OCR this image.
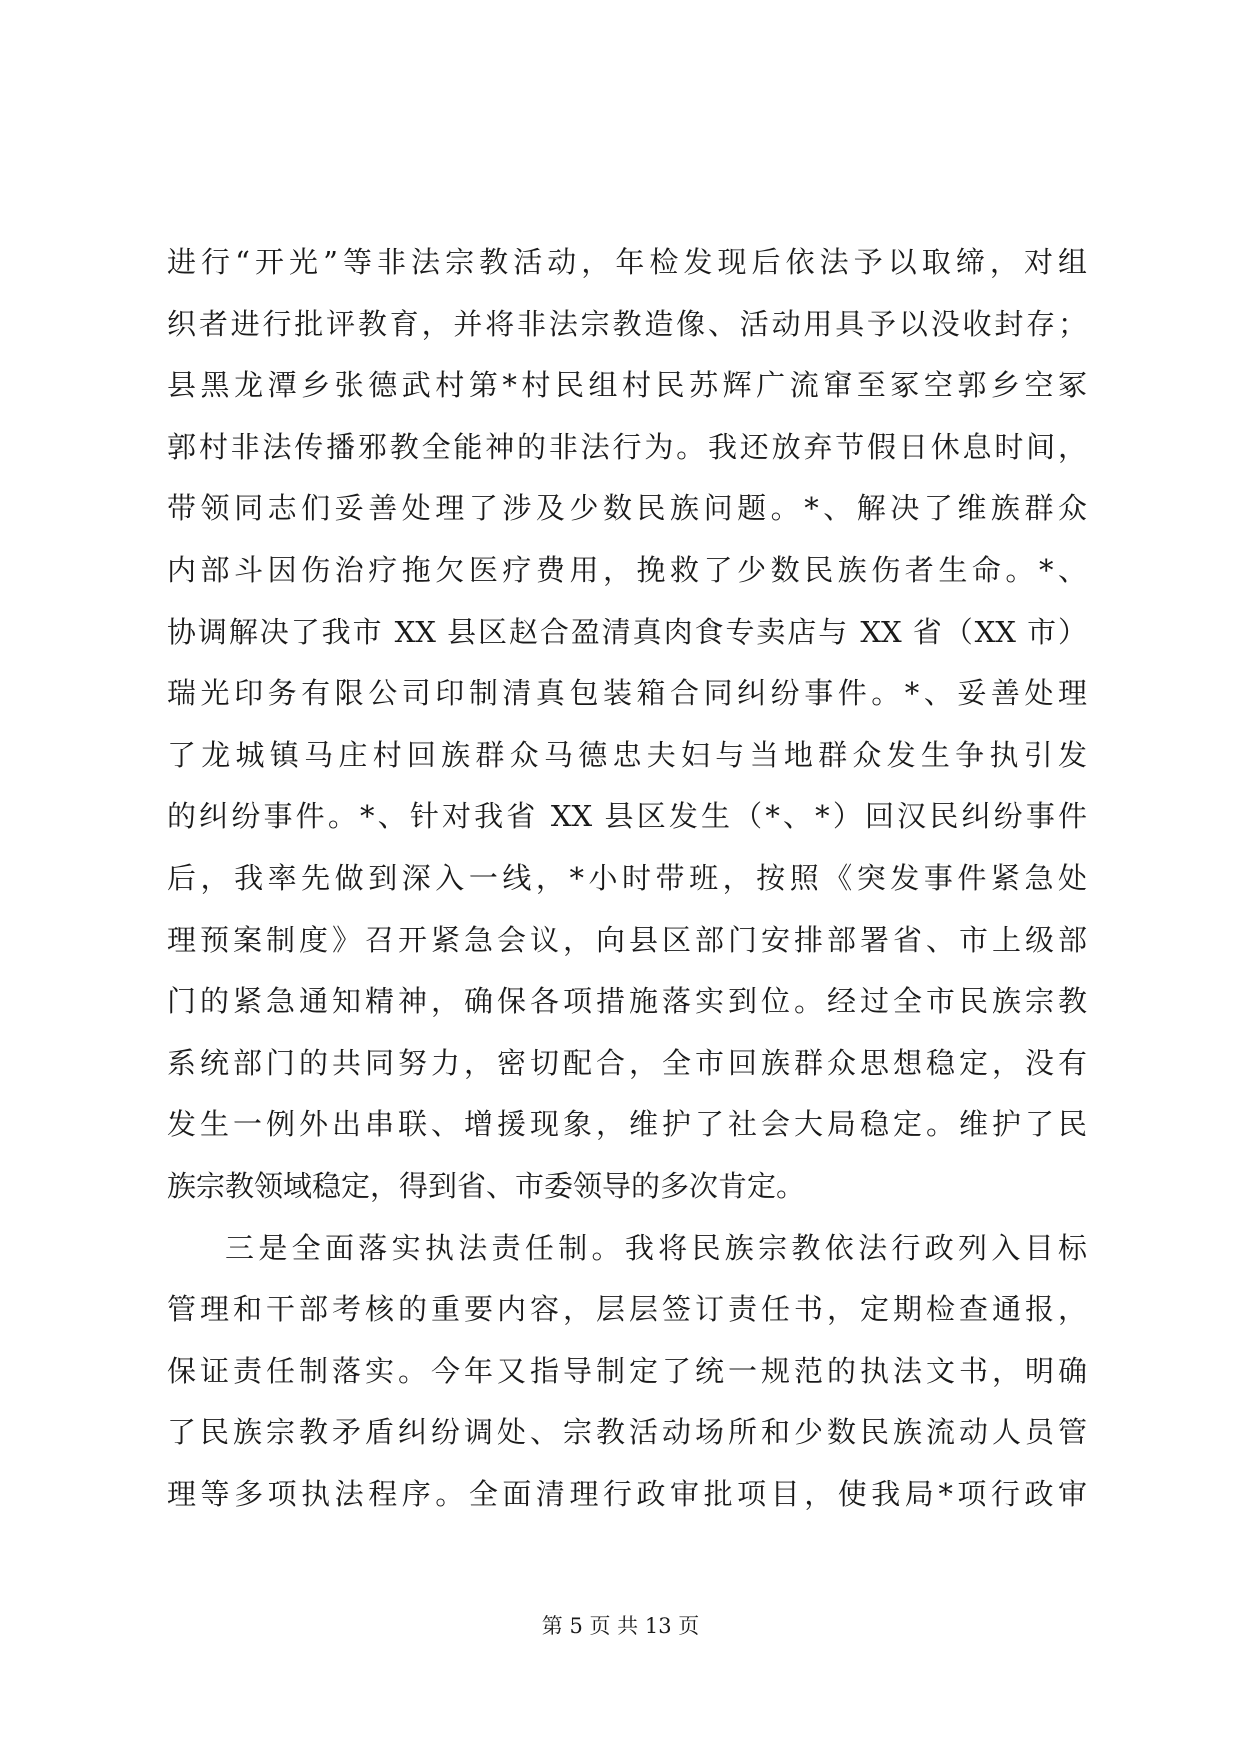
进行“开光”等非法宗教活动，年检发现后依法予以取缔，对组
织者进行批评教育，并将非法宗教造像、活动用具予以没收封存；
县黑龙潭乡张德武村第*村民组村民苏辉广流窜至冢空郭乡空冢
郭村非法传播邪教全能神的非法行为。我还放弃节假日休息时间，
带领同志们妥善处理了涉及少数民族问题。*、解决了维族群众
内部斗因伤治疗拖欠医疗费用，挽救了少数民族伤者生命。*、
协调解决了我市 XX 县区赵合盈清真肉食专卖店与 XX 省（XX 市）
瑞光印务有限公司印制清真包装箱合同纠纷事件。*、妥善处理
了龙城镇马庄村回族群众马德忠夫妇与当地群众发生争执引发
的纠纷事件。*、针对我省 XX 县区发生（*、*）回汉民纠纷事件
后，我率先做到深入一线，*小时带班，按照《突发事件紧急处
理预案制度》召开紧急会议，向县区部门安排部署省、市上级部
门的紧急通知精神，确保各项措施落实到位。经过全市民族宗教
系统部门的共同努力，密切配合，全市回族群众思想稳定，没有
发生一例外出串联、增援现象，维护了社会大局稳定。维护了民
族宗教领域稳定，得到省、市委领导的多次肯定。
三是全面落实执法责任制。我将民族宗教依法行政列入目标
管理和干部考核的重要内容，层层签订责任书，定期检查通报，
保证责任制落实。今年又指导制定了统一规范的执法文书，明确
了民族宗教矛盾纠纷调处、宗教活动场所和少数民族流动人员管
理等多项执法程序。全面清理行政审批项目，使我局*项行政审
第 5 页 共 13 页
